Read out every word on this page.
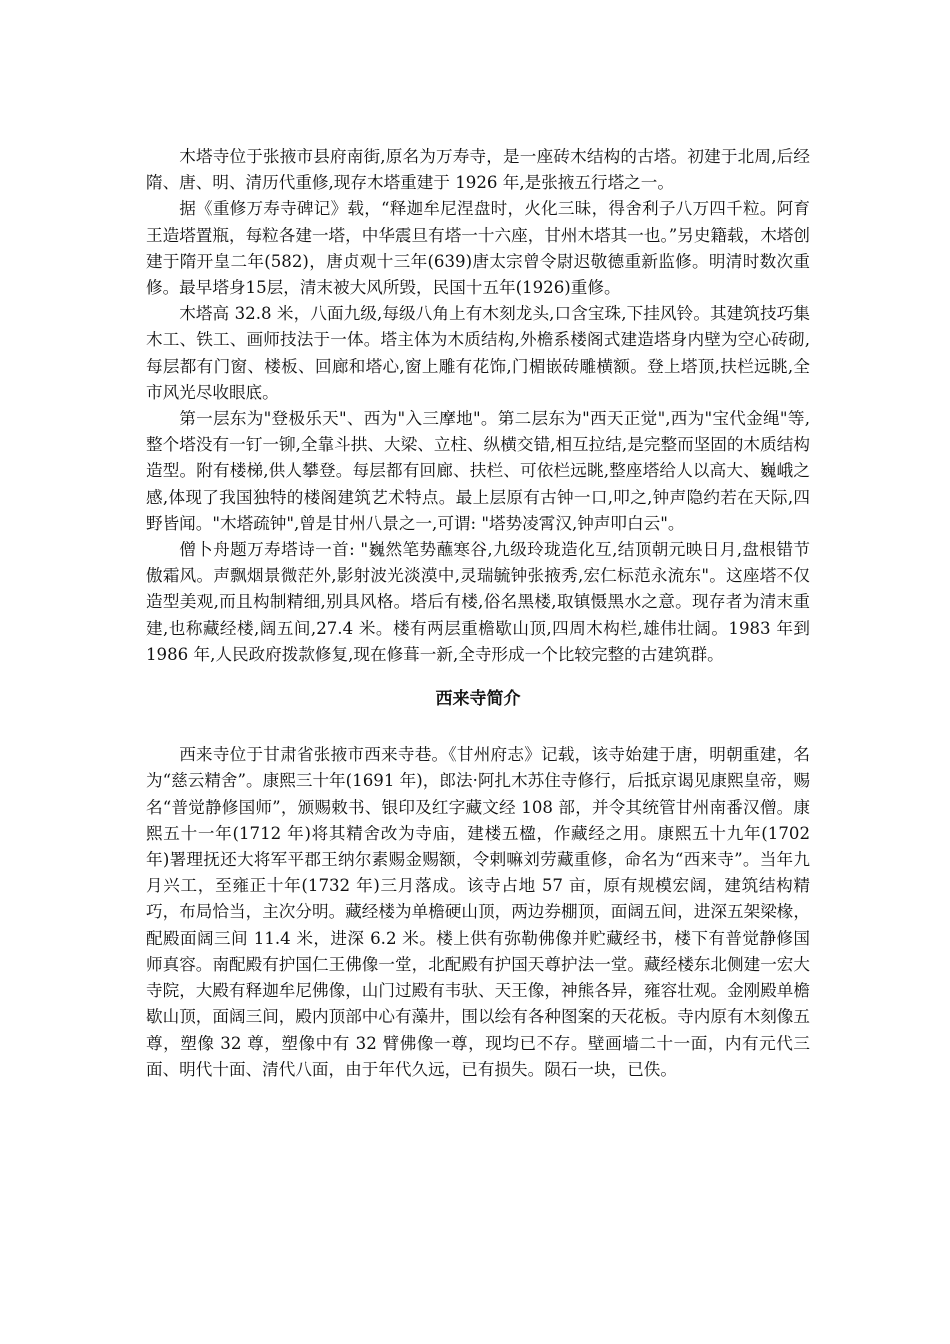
木塔寺位于张掖市县府南街,原名为万寿寺，是一座砖木结构的古塔。初建于北周,后经隋、唐、明、清历代重修,现存木塔重建于 1926 年,是张掖五行塔之一。

据《重修万寿寺碑记》载，“释迦牟尼涅盘时，火化三昧，得舍利子八万四千粒。阿育王造塔置瓶，每粒各建一塔，中华震旦有塔一十六座，甘州木塔其一也。”另史籍载，木塔创建于隋开皇二年(582)，唐贞观十三年(639)唐太宗曾令尉迟敬德重新监修。明清时数次重修。最早塔身15层，清末被大风所毁，民国十五年(1926)重修。

木塔高 32.8 米，八面九级,每级八角上有木刻龙头,口含宝珠,下挂风铃。其建筑技巧集木工、铁工、画师技法于一体。塔主体为木质结构,外檐系楼阁式建造塔身内壁为空心砖砌,每层都有门窗、楼板、回廊和塔心,窗上雕有花饰,门楣嵌砖雕横额。登上塔顶,扶栏远眺,全市风光尽收眼底。

第一层东为"登极乐天"、西为"入三摩地"。第二层东为"西天正觉",西为"宝代金绳"等,整个塔没有一钉一铆,全靠斗拱、大梁、立柱、纵横交错,相互拉结,是完整而坚固的木质结构造型。附有楼梯,供人攀登。每层都有回廊、扶栏、可依栏远眺,整座塔给人以高大、巍峨之感,体现了我国独特的楼阁建筑艺术特点。最上层原有古钟一口,叩之,钟声隐约若在天际,四野皆闻。"木塔疏钟",曾是甘州八景之一,可谓: "塔势凌霄汉,钟声叩白云"。

僧卜舟题万寿塔诗一首: "巍然笔势蘸寒谷,九级玲珑造化互,结顶朝元映日月,盘根错节傲霜风。声飘烟景微茫外,影射波光淡漠中,灵瑞毓钟张掖秀,宏仁标范永流东"。这座塔不仅造型美观,而且构制精细,别具风格。塔后有楼,俗名黑楼,取镇慑黑水之意。现存者为清末重建,也称藏经楼,阔五间,27.4 米。楼有两层重檐歇山顶,四周木构栏,雄伟壮阔。1983 年到 1986 年,人民政府拨款修复,现在修葺一新,全寺形成一个比较完整的古建筑群。

西来寺简介

西来寺位于甘肃省张掖市西来寺巷。《甘州府志》记载，该寺始建于唐，明朝重建，名为“慈云精舍”。康熙三十年(1691 年)，郎法·阿扎木苏住寺修行，后抵京谒见康熙皇帝，赐名“普觉静修国师”，颁赐敕书、银印及红字藏文经 108 部，并令其统管甘州南番汉僧。康熙五十一年(1712 年)将其精舍改为寺庙，建楼五楹，作藏经之用。康熙五十九年(1702 年)署理抚还大将军平郡王纳尔素赐金赐额，令剌嘛刘劳藏重修，命名为“西来寺”。当年九月兴工，至雍正十年(1732 年)三月落成。该寺占地 57 亩，原有规模宏阔，建筑结构精巧，布局恰当，主次分明。藏经楼为单檐硬山顶，两边券棚顶，面阔五间，进深五架梁椽，配殿面阔三间 11.4 米，进深 6.2 米。楼上供有弥勒佛像并贮藏经书，楼下有普觉静修国师真容。南配殿有护国仁王佛像一堂，北配殿有护国天尊护法一堂。藏经楼东北侧建一宏大寺院，大殿有释迦牟尼佛像，山门过殿有韦驮、天王像，神熊各异，雍容壮观。金刚殿单檐歇山顶，面阔三间，殿内顶部中心有藻井，围以绘有各种图案的天花板。寺内原有木刻像五尊，塑像 32 尊，塑像中有 32 臂佛像一尊，现均已不存。壁画墙二十一面，内有元代三面、明代十面、清代八面，由于年代久远，已有损失。陨石一块，已佚。
